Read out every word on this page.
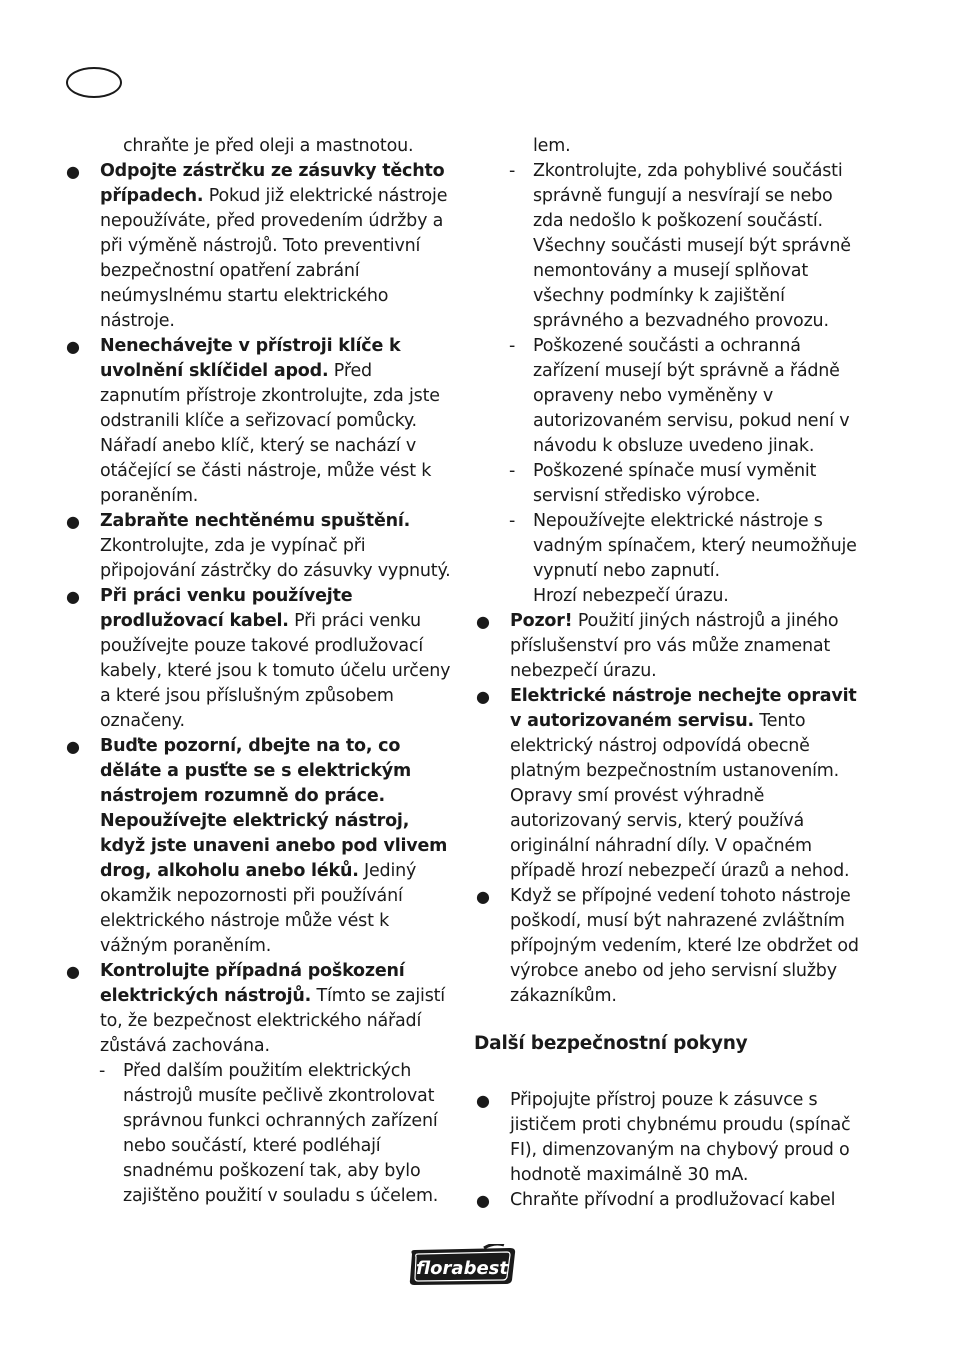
chraňte je před oleji a mastnotou.
● Odpojte zástrčku ze zásuvky těchto případech. Pokud již elektrické nástroje nepoužíváte, před provedením údržby a při výměně nástrojů. Toto preventivní bezpečnostní opatření zabrání neúmyslnému startu elektrického nástroje.
● Nenechávejte v přístroji klíče k uvolnění sklíčidel apod. Před zapnutím přístroje zkontrolujte, zda jste odstranili klíče a seřizovací pomůcky. Nářadí anebo klíč, který se nachází v otáčející se části nástroje, může vést k poraněním.
● Zabraňte nechtěnému spuštění. Zkontrolujte, zda je vypínač při připojování zástrčky do zásuvky vypnutý.
● Při práci venku používejte prodlužovací kabel. Při práci venku používejte pouze takové prodlužovací kabely, které jsou k tomuto účelu určeny a které jsou příslušným způsobem označeny.
● Buďte pozorní, dbejte na to, co děláte a pusťte se s elektrickým nástrojem rozumně do práce. Nepoužívejte elektrický nástroj, když jste unaveni anebo pod vlivem drog, alkoholu anebo léků. Jediný okamžik nepozornosti při používání elektrického nástroje může vést k vážným poraněním.
● Kontrolujte případná poškození elektrických nástrojů. Tímto se zajistí to, že bezpečnost elektrického nářadí zůstává zachována.
- Před dalším použitím elektrických nástrojů musíte pečlivě zkontrolovat správnou funkci ochranných zařízení nebo součástí, které podléhají snadnému poškození tak, aby bylo zajištěno použití v souladu s účelem.
lem.
- Zkontrolujte, zda pohyblivé součásti správně fungují a nesvírají se nebo zda nedošlo k poškození součástí. Všechny součásti musejí být správně nemontovány a musejí splňovat všechny podmínky k zajištění správného a bezvadného provozu.
- Poškozené součásti a ochranná zařízení musejí být správně a řádně opraveny nebo vyměněny v autorizovaném servisu, pokud není v návodu k obsluze uvedeno jinak.
- Poškozené spínače musí vyměnit servisní středisko výrobce.
- Nepoužívejte elektrické nástroje s vadným spínačem, který neumožňuje vypnutí nebo zapnutí.
Hrozí nebezpečí úrazu.
● Pozor! Použití jiných nástrojů a jiného příslušenství pro vás může znamenat nebezpečí úrazu.
● Elektrické nástroje nechejte opravit v autorizovaném servisu. Tento elektrický nástroj odpovídá obecně platným bezpečnostním ustanovením. Opravy smí provést výhradně autorizovaný servis, který používá originální náhradní díly. V opačném případě hrozí nebezpečí úrazů a nehod.
● Když se přípojné vedení tohoto nástroje poškodí, musí být nahrazené zvláštním přípojným vedením, které lze obdržet od výrobce anebo od jeho servisní služby zákazníkům.
Další bezpečnostní pokyny
● Připojujte přístroj pouze k zásuvce s jističem proti chybnému proudu (spínač FI), dimenzovaným na chybový proud o hodnotě maximálně 30 mA.
● Chraňte přívodní a prodlužovací kabel
florabest
